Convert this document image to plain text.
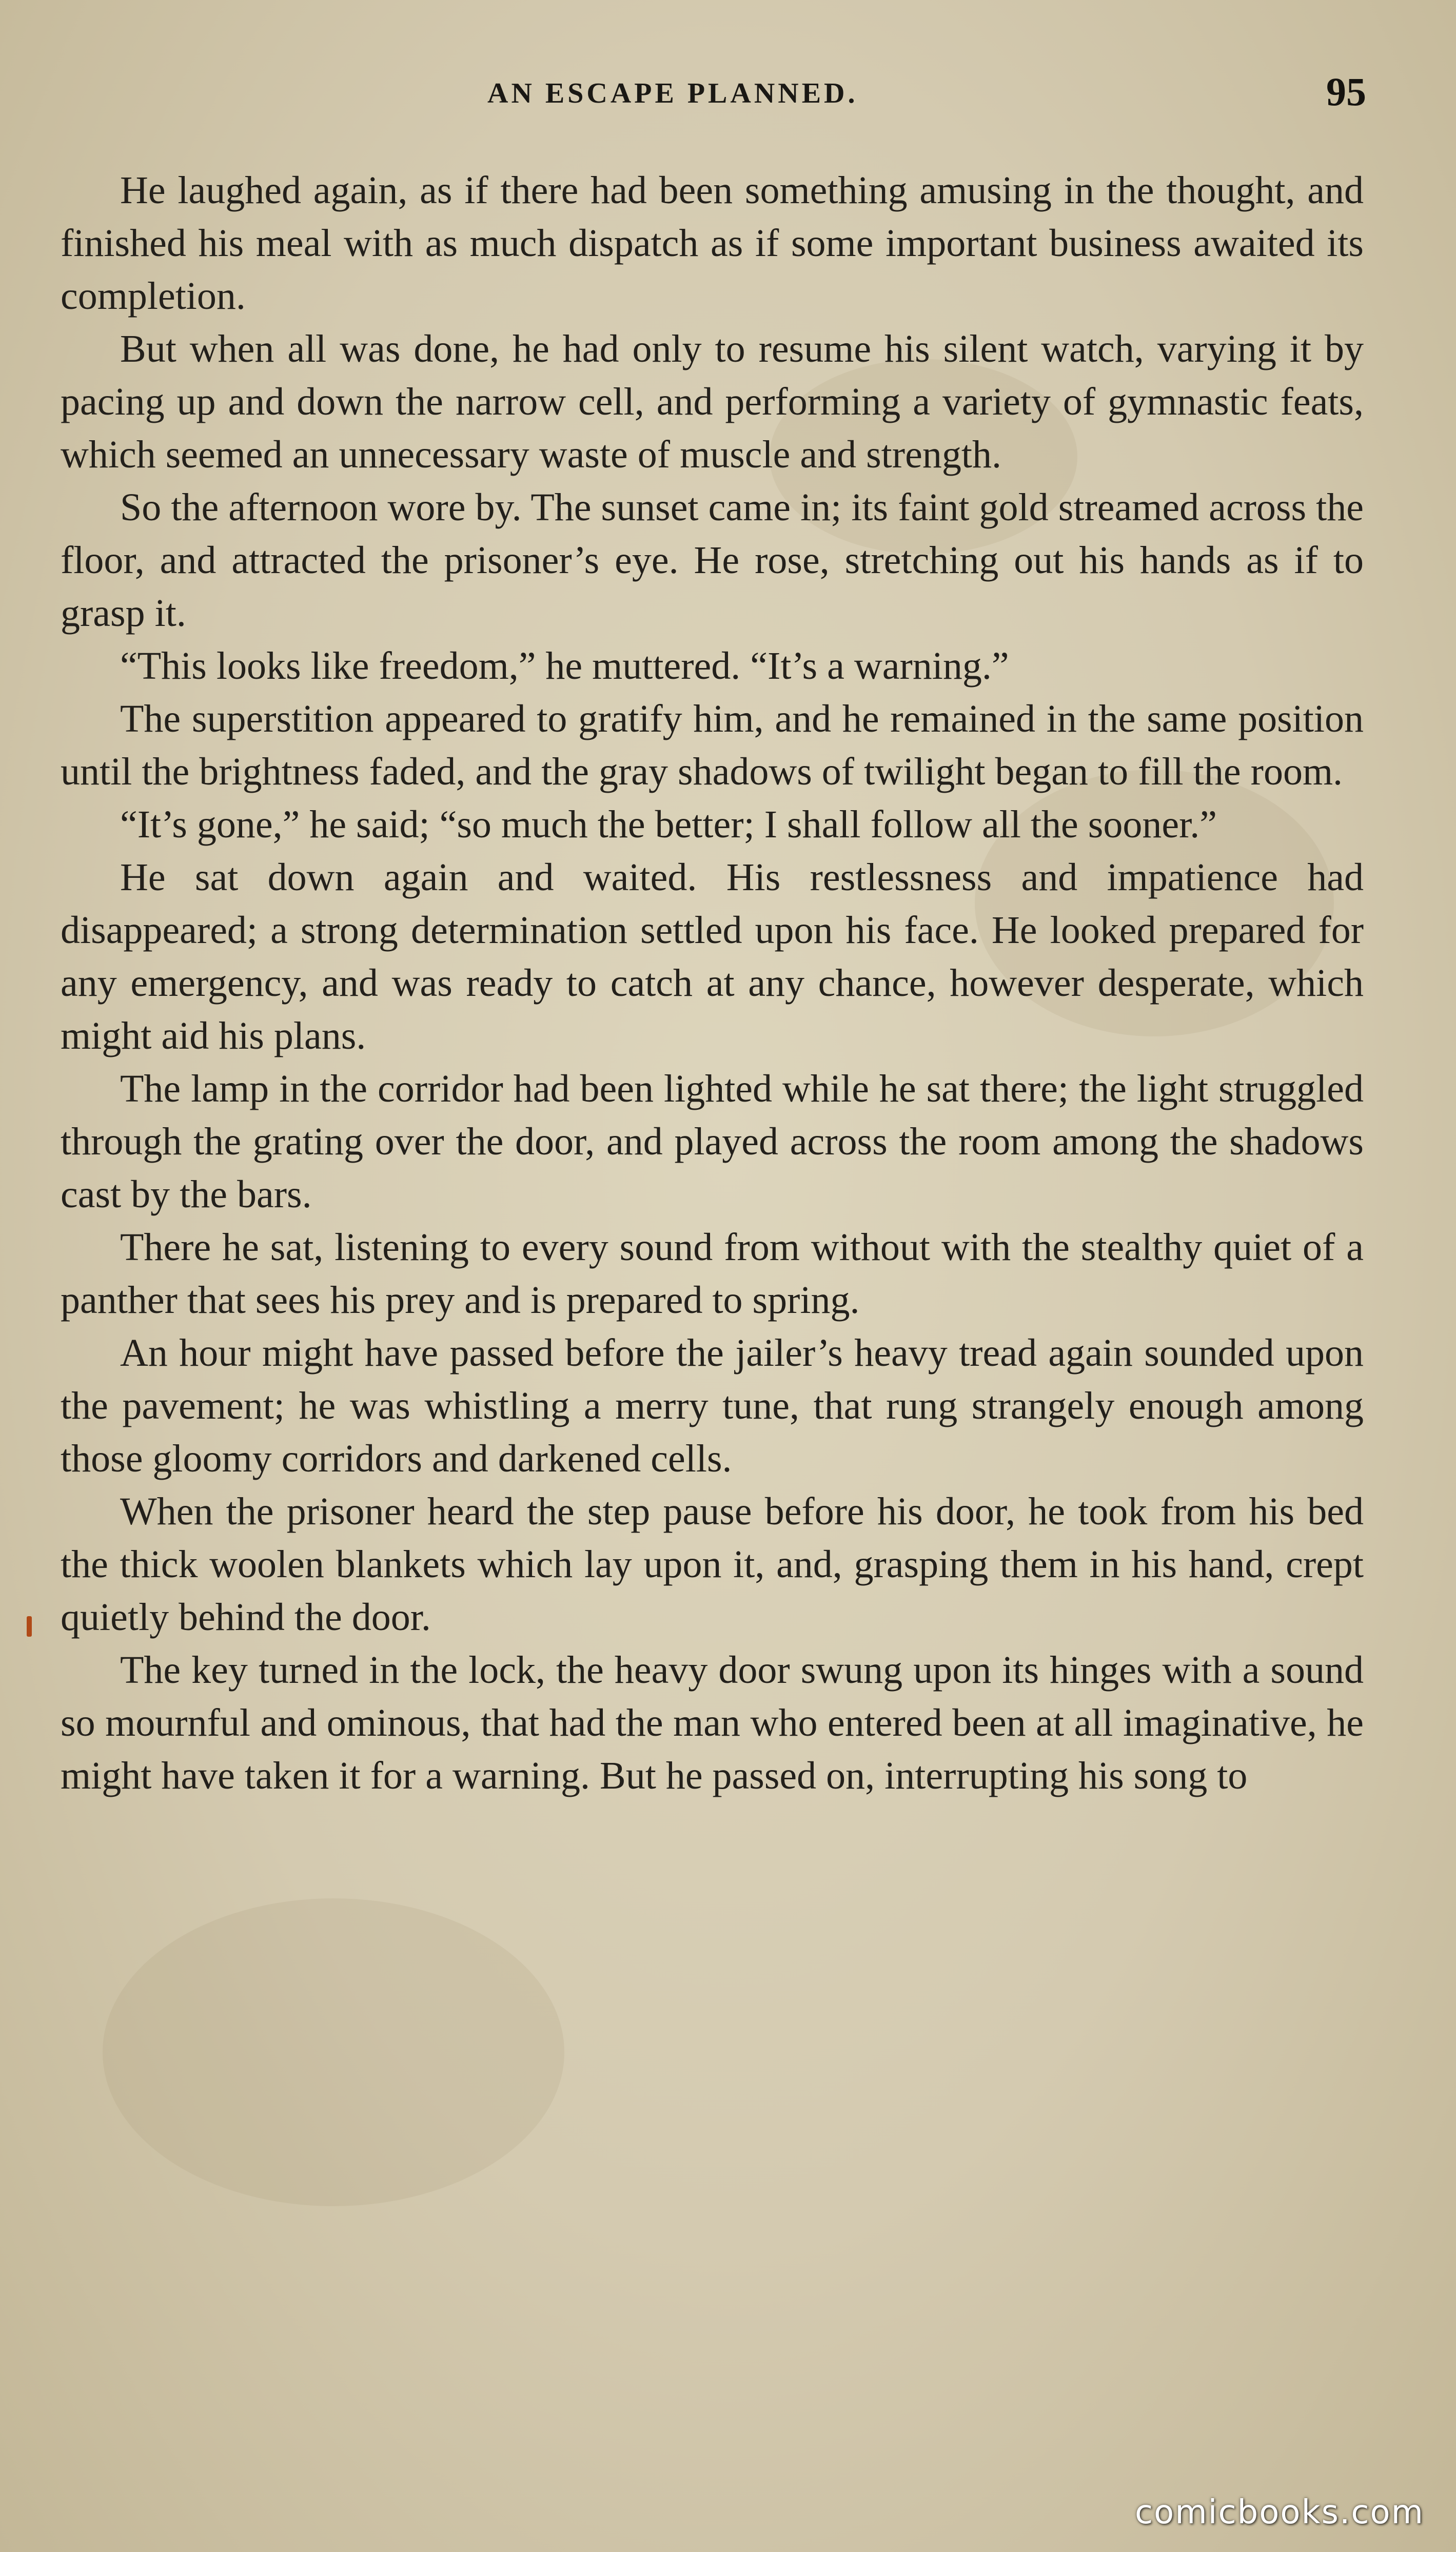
AN ESCAPE PLANNED.	95

He laughed again, as if there had been something amusing in the thought, and finished his meal with as much dispatch as if some important business awaited its completion.

But when all was done, he had only to resume his silent watch, varying it by pacing up and down the narrow cell, and performing a variety of gymnastic feats, which seemed an unnecessary waste of muscle and strength.

So the afternoon wore by. The sunset came in; its faint gold streamed across the floor, and attracted the prisoner’s eye. He rose, stretching out his hands as if to grasp it.

“This looks like freedom,” he muttered. “It’s a warning.”

The superstition appeared to gratify him, and he remained in the same position until the brightness faded, and the gray shadows of twilight began to fill the room.

“It’s gone,” he said; “so much the better; I shall follow all the sooner.”

He sat down again and waited. His restlessness and impatience had disappeared; a strong determination settled upon his face. He looked prepared for any emergency, and was ready to catch at any chance, however desperate, which might aid his plans.

The lamp in the corridor had been lighted while he sat there; the light struggled through the grating over the door, and played across the room among the shadows cast by the bars.

There he sat, listening to every sound from without with the stealthy quiet of a panther that sees his prey and is prepared to spring.

An hour might have passed before the jailer’s heavy tread again sounded upon the pavement; he was whistling a merry tune, that rung strangely enough among those gloomy corridors and darkened cells.

When the prisoner heard the step pause before his door, he took from his bed the thick woolen blankets which lay upon it, and, grasping them in his hand, crept quietly behind the door.

The key turned in the lock, the heavy door swung upon its hinges with a sound so mournful and ominous, that had the man who entered been at all imaginative, he might have taken it for a warning. But he passed on, interrupting his song to

comicbooks.com
